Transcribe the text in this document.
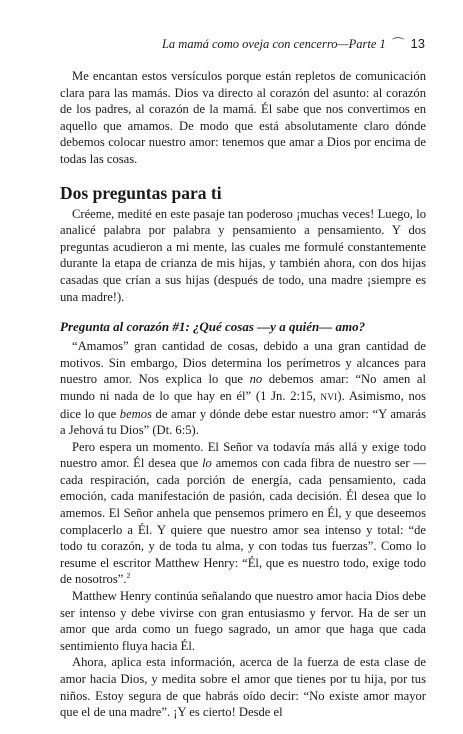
La mamá como oveja con cencerro—Parte 1 ⌒ 13

Me encantan estos versículos porque están repletos de comunicación clara para las mamás. Dios va directo al corazón del asunto: al corazón de los padres, al corazón de la mamá. Él sabe que nos convertimos en aquello que amamos. De modo que está absolutamente claro dónde debemos colocar nuestro amor: tenemos que amar a Dios por encima de todas las cosas.

Dos preguntas para ti

Créeme, medité en este pasaje tan poderoso ¡muchas veces! Luego, lo analicé palabra por palabra y pensamiento a pensamiento. Y dos preguntas acudieron a mi mente, las cuales me formulé constantemente durante la etapa de crianza de mis hijas, y también ahora, con dos hijas casadas que crían a sus hijas (después de todo, una madre ¡siempre es una madre!).

Pregunta al corazón #1: ¿Qué cosas —y a quién— amo?

“Amamos” gran cantidad de cosas, debido a una gran cantidad de motivos. Sin embargo, Dios determina los perímetros y alcances para nuestro amor. Nos explica lo que no debemos amar: “No amen al mundo ni nada de lo que hay en él” (1 Jn. 2:15, NVI). Asimismo, nos dice lo que bemos de amar y dónde debe estar nuestro amor: “Y amarás a Jehová tu Dios” (Dt. 6:5).

Pero espera un momento. El Señor va todavía más allá y exige todo nuestro amor. Él desea que lo amemos con cada fibra de nuestro ser —cada respiración, cada porción de energía, cada pensamiento, cada emoción, cada manifestación de pasión, cada decisión. Él desea que lo amemos. El Señor anhela que pensemos primero en Él, y que deseemos complacerlo a Él. Y quiere que nuestro amor sea intenso y total: “de todo tu corazón, y de toda tu alma, y con todas tus fuerzas”. Como lo resume el escritor Matthew Henry: “Él, que es nuestro todo, exige todo de nosotros”.$^2$

Matthew Henry continúa señalando que nuestro amor hacia Dios debe ser intenso y debe vivirse con gran entusiasmo y fervor. Ha de ser un amor que arda como un fuego sagrado, un amor que haga que cada sentimiento fluya hacia Él.

Ahora, aplica esta información, acerca de la fuerza de esta clase de amor hacia Dios, y medita sobre el amor que tienes por tu hija, por tus niños. Estoy segura de que habrás oído decir: “No existe amor mayor que el de una madre”. ¡Y es cierto! Desde el
